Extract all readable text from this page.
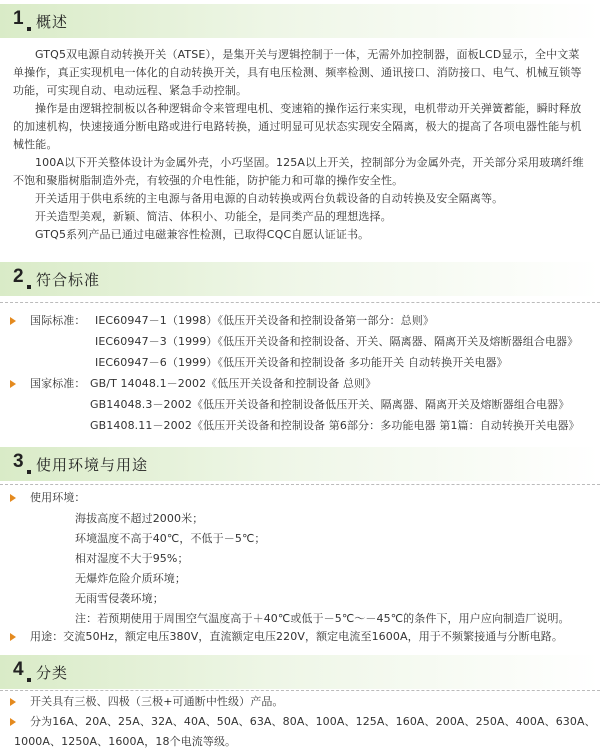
1 概述

GTQ5双电源自动转换开关（ATSE），是集开关与逻辑控制于一体，无需外加控制器，面板LCD显示，全中文菜单操作，真正实现机电一体化的自动转换开关，具有电压检测、频率检测、通讯接口、消防接口、电气、机械互锁等功能，可实现自动、电动远程、紧急手动控制。

操作是由逻辑控制板以各种逻辑命令来管理电机、变速箱的操作运行来实现，电机带动开关弹簧蓄能，瞬时释放的加速机构，快速接通分断电路或进行电路转换，通过明显可见状态实现安全隔离，极大的提高了各项电器性能与机械性能。

100A以下开关整体设计为金属外壳，小巧坚固。125A以上开关，控制部分为金属外壳，开关部分采用玻璃纤维不饱和聚脂树脂制造外壳，有较强的介电性能，防护能力和可靠的操作安全性。

开关适用于供电系统的主电源与备用电源的自动转换或两台负载设备的自动转换及安全隔离等。

开关造型美观，新颖、简洁、体积小、功能全，是同类产品的理想选择。

GTQ5系列产品已通过电磁兼容性检测，已取得CQC自愿认证证书。

2 符合标准
国际标准： IEC60947－1（1998）《低压开关设备和控制设备第一部分：总则》
IEC60947－3（1999）《低压开关设备和控制设备、开关、隔离器、隔离开关及熔断器组合电器》
IEC60947－6（1999）《低压开关设备和控制设备 多功能开关 自动转换开关电器》
国家标准： GB/T 14048.1－2002《低压开关设备和控制设备 总则》
GB14048.3－2002《低压开关设备和控制设备低压开关、隔离器、隔离开关及熔断器组合电器》
GB1408.11－2002《低压开关设备和控制设备 第6部分：多功能电器 第1篇：自动转换开关电器》
3 使用环境与用途
使用环境：
海拔高度不超过2000米；
环境温度不高于40℃，不低于－5℃；
相对湿度不大于95%；
无爆炸危险介质环境；
无雨雪侵袭环境；
注：若预期使用于周围空气温度高于＋40℃或低于－5℃～－45℃的条件下，用户应向制造厂说明。
用途：交流50Hz，额定电压380V，直流额定电压220V，额定电流至1600A，用于不频繁接通与分断电路。
4 分类
开关具有三极、四极（三极+可通断中性级）产品。
分为16A、20A、25A、32A、40A、50A、63A、80A、100A、125A、160A、200A、250A、400A、630A、
1000A、1250A、1600A，18个电流等级。
